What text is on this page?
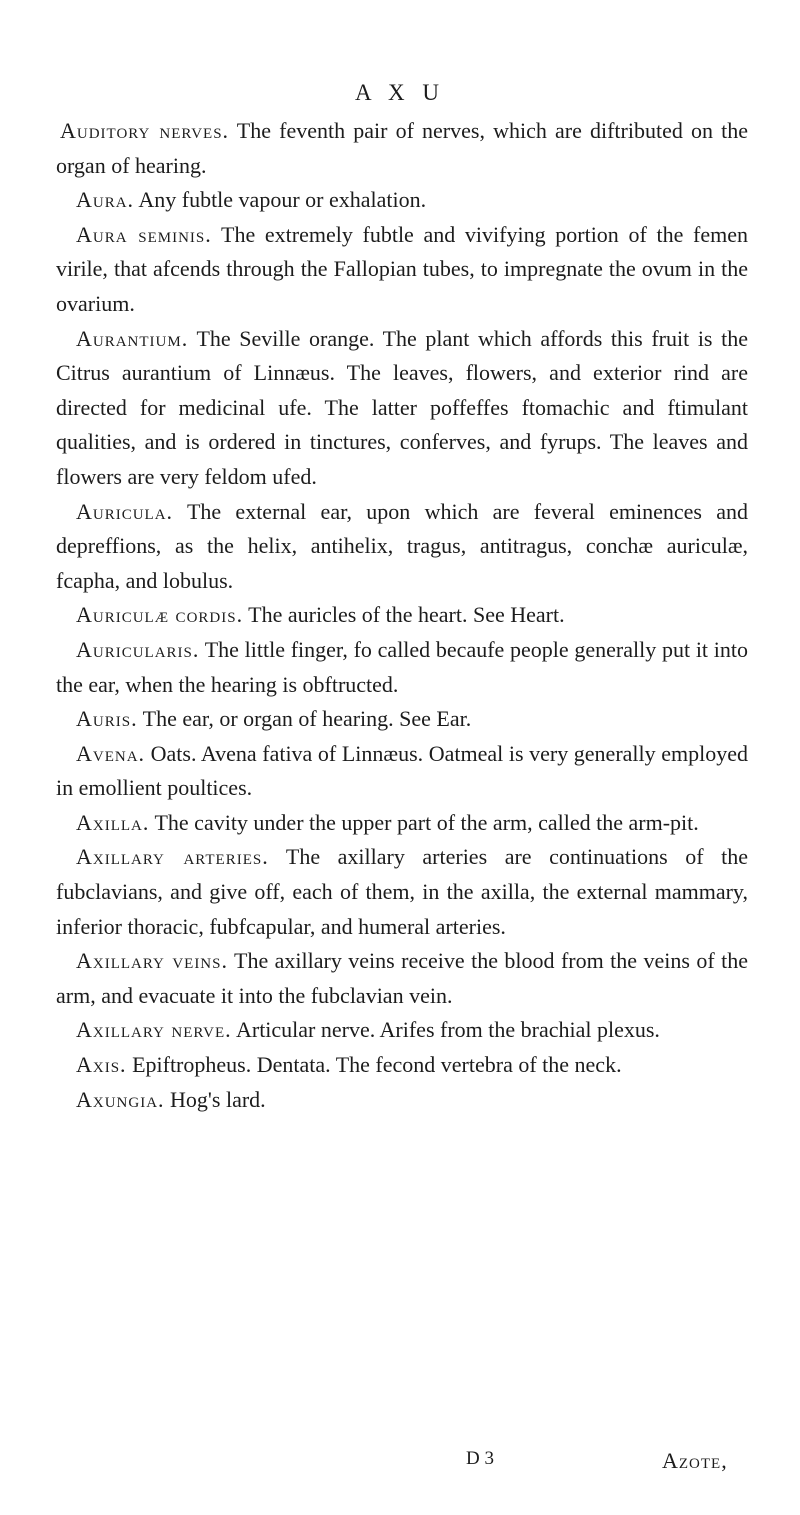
A X U

Auditory nerves. The feventh pair of nerves, which are diftributed on the organ of hearing.

Aura. Any fubtle vapour or exhalation.

Aura seminis. The extremely fubtle and vivifying portion of the femen virile, that afcends through the Fallopian tubes, to impregnate the ovum in the ovarium.

Aurantium. The Seville orange. The plant which affords this fruit is the Citrus aurantium of Linnæus. The leaves, flowers, and exterior rind are directed for medicinal ufe. The latter poffeffes ftomachic and ftimulant qualities, and is ordered in tinctures, conferves, and fyrups. The leaves and flowers are very feldom ufed.

Auricula. The external ear, upon which are feveral eminences and depreffions, as the helix, antihelix, tragus, antitragus, conchæ auriculæ, fcapha, and lobulus.

Auriculæ cordis. The auricles of the heart. See Heart.

Auricularis. The little finger, fo called becaufe people generally put it into the ear, when the hearing is obftructed.

Auris. The ear, or organ of hearing. See Ear.

Avena. Oats. Avena fativa of Linnæus. Oatmeal is very generally employed in emollient poultices.

Axilla. The cavity under the upper part of the arm, called the arm-pit.

Axillary arteries. The axillary arteries are continuations of the fubclavians, and give off, each of them, in the axilla, the external mammary, inferior thoracic, fubfcapular, and humeral arteries.

Axillary veins. The axillary veins receive the blood from the veins of the arm, and evacuate it into the fubclavian vein.

Axillary nerve. Articular nerve. Arifes from the brachial plexus.

Axis. Epiftropheus. Dentata. The fecond vertebra of the neck.

Axungia. Hog's lard.

D 3	Azote,
